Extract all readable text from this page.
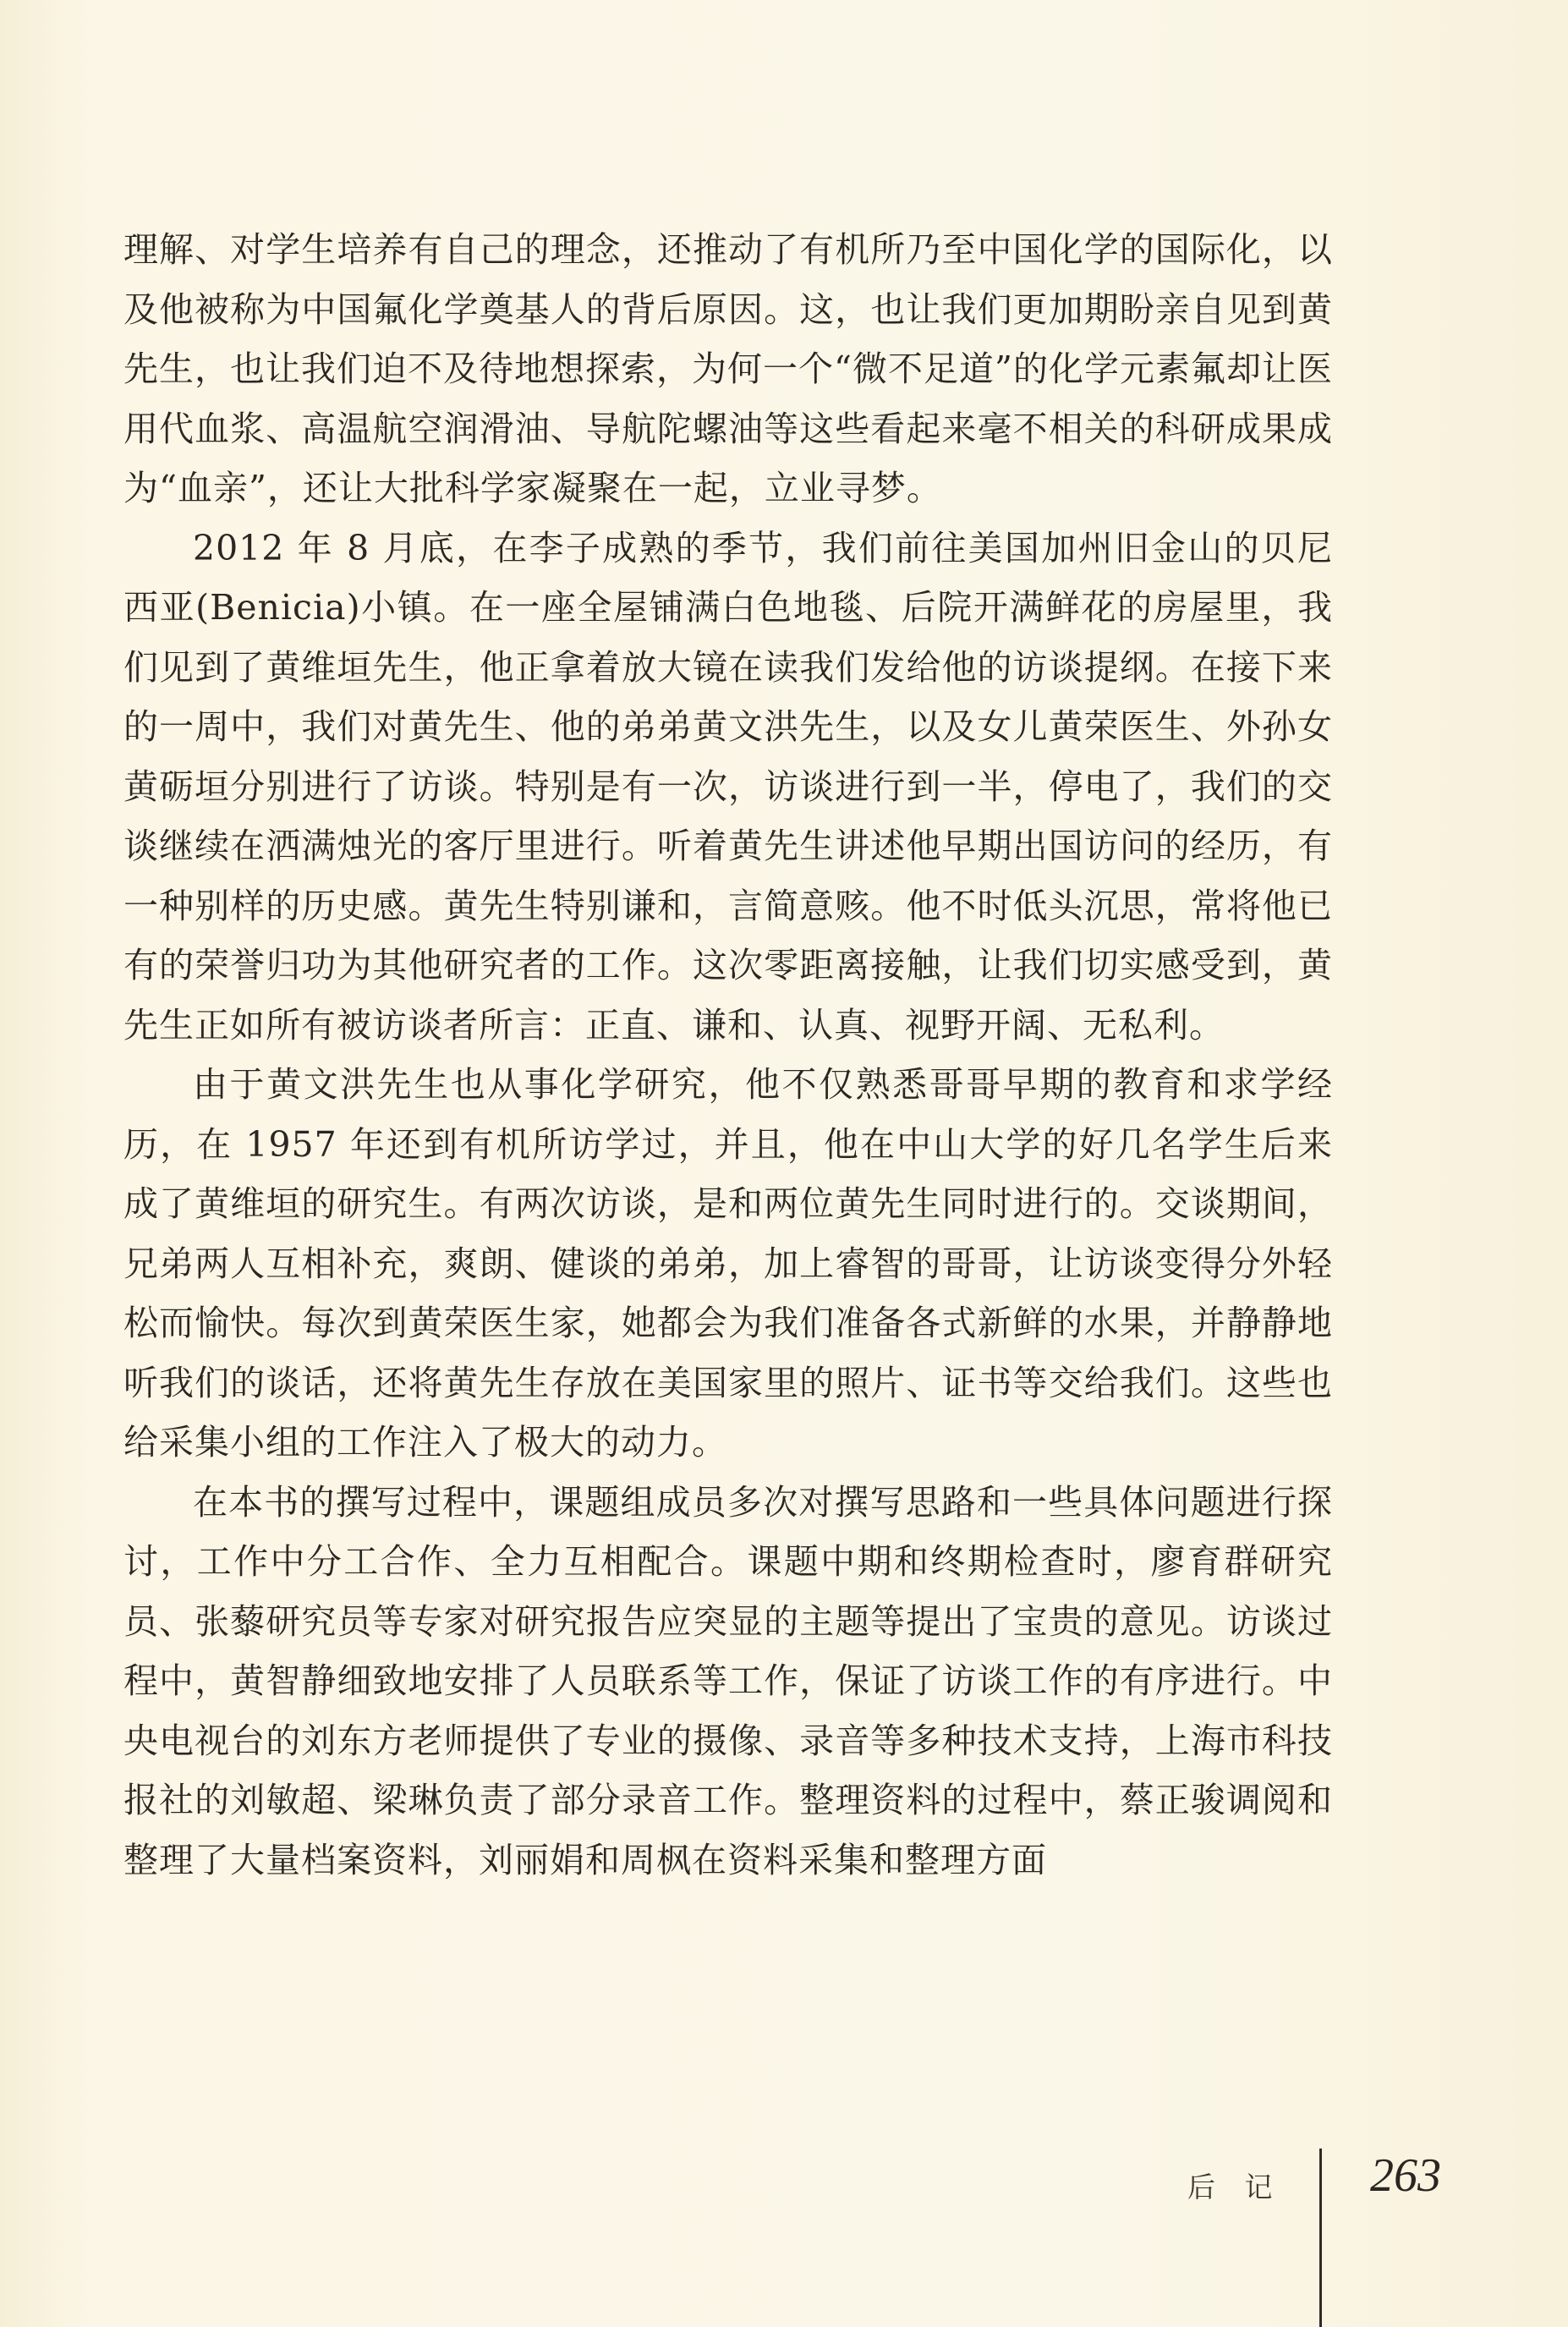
理解、对学生培养有自己的理念，还推动了有机所乃至中国化学的国际化，以及他被称为中国氟化学奠基人的背后原因。这，也让我们更加期盼亲自见到黄先生，也让我们迫不及待地想探索，为何一个“微不足道”的化学元素氟却让医用代血浆、高温航空润滑油、导航陀螺油等这些看起来毫不相关的科研成果成为“血亲”，还让大批科学家凝聚在一起，立业寻梦。

2012 年 8 月底，在李子成熟的季节，我们前往美国加州旧金山的贝尼西亚(Benicia)小镇。在一座全屋铺满白色地毯、后院开满鲜花的房屋里，我们见到了黄维垣先生，他正拿着放大镜在读我们发给他的访谈提纲。在接下来的一周中，我们对黄先生、他的弟弟黄文洪先生，以及女儿黄荣医生、外孙女黄砺垣分别进行了访谈。特别是有一次，访谈进行到一半，停电了，我们的交谈继续在洒满烛光的客厅里进行。听着黄先生讲述他早期出国访问的经历，有一种别样的历史感。黄先生特别谦和，言简意赅。他不时低头沉思，常将他已有的荣誉归功为其他研究者的工作。这次零距离接触，让我们切实感受到，黄先生正如所有被访谈者所言：正直、谦和、认真、视野开阔、无私利。

由于黄文洪先生也从事化学研究，他不仅熟悉哥哥早期的教育和求学经历，在 1957 年还到有机所访学过，并且，他在中山大学的好几名学生后来成了黄维垣的研究生。有两次访谈，是和两位黄先生同时进行的。交谈期间，兄弟两人互相补充，爽朗、健谈的弟弟，加上睿智的哥哥，让访谈变得分外轻松而愉快。每次到黄荣医生家，她都会为我们准备各式新鲜的水果，并静静地听我们的谈话，还将黄先生存放在美国家里的照片、证书等交给我们。这些也给采集小组的工作注入了极大的动力。

在本书的撰写过程中，课题组成员多次对撰写思路和一些具体问题进行探讨，工作中分工合作、全力互相配合。课题中期和终期检查时，廖育群研究员、张藜研究员等专家对研究报告应突显的主题等提出了宝贵的意见。访谈过程中，黄智静细致地安排了人员联系等工作，保证了访谈工作的有序进行。中央电视台的刘东方老师提供了专业的摄像、录音等多种技术支持，上海市科技报社的刘敏超、梁琳负责了部分录音工作。整理资料的过程中，蔡正骏调阅和整理了大量档案资料，刘丽娟和周枫在资料采集和整理方面

后 记 263
